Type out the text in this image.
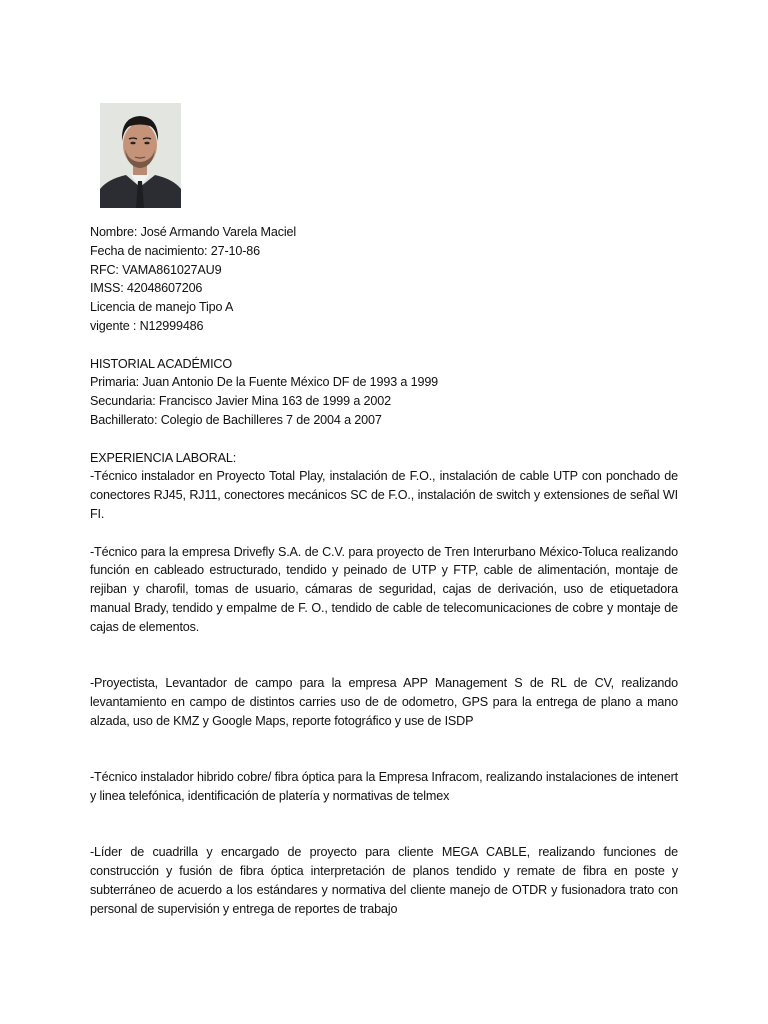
Nombre: José Armando Varela Maciel
Fecha de nacimiento: 27-10-86
RFC: VAMA861027AU9
IMSS: 42048607206
Licencia de manejo Tipo A
vigente : N12999486
HISTORIAL ACADÉMICO
Primaria: Juan Antonio De la Fuente México DF de 1993 a 1999
Secundaria: Francisco Javier Mina 163 de 1999 a 2002
Bachillerato: Colegio de Bachilleres 7 de 2004 a 2007
EXPERIENCIA LABORAL:
-Técnico instalador en Proyecto Total Play, instalación de F.O., instalación de cable UTP con ponchado de conectores RJ45, RJ11, conectores mecánicos SC de F.O., instalación de switch y extensiones de señal WI FI.
-Técnico para la empresa Drivefly S.A. de C.V. para proyecto de Tren Interurbano México-Toluca realizando función en cableado estructurado, tendido y peinado de UTP y FTP, cable de alimentación, montaje de rejiban y charofil, tomas de usuario, cámaras de seguridad, cajas de derivación, uso de etiquetadora manual Brady, tendido y empalme de F. O., tendido de cable de telecomunicaciones de cobre y montaje de cajas de elementos.
-Proyectista, Levantador de campo para la empresa APP Management S de RL de CV, realizando levantamiento en campo de distintos carries uso de de odometro, GPS para la entrega de plano a mano alzada, uso de KMZ y Google Maps, reporte fotográfico y use de ISDP
-Técnico instalador hibrido cobre/ fibra óptica para la Empresa Infracom, realizando instalaciones de intenert y linea telefónica, identificación de platería y normativas de telmex
-Líder de cuadrilla y encargado de proyecto para cliente MEGA CABLE, realizando funciones de construcción y fusión de fibra óptica interpretación de planos tendido y remate de fibra en poste y subterráneo de acuerdo a los estándares y normativa del cliente manejo de OTDR y fusionadora trato con personal de supervisión y entrega de reportes de trabajo
